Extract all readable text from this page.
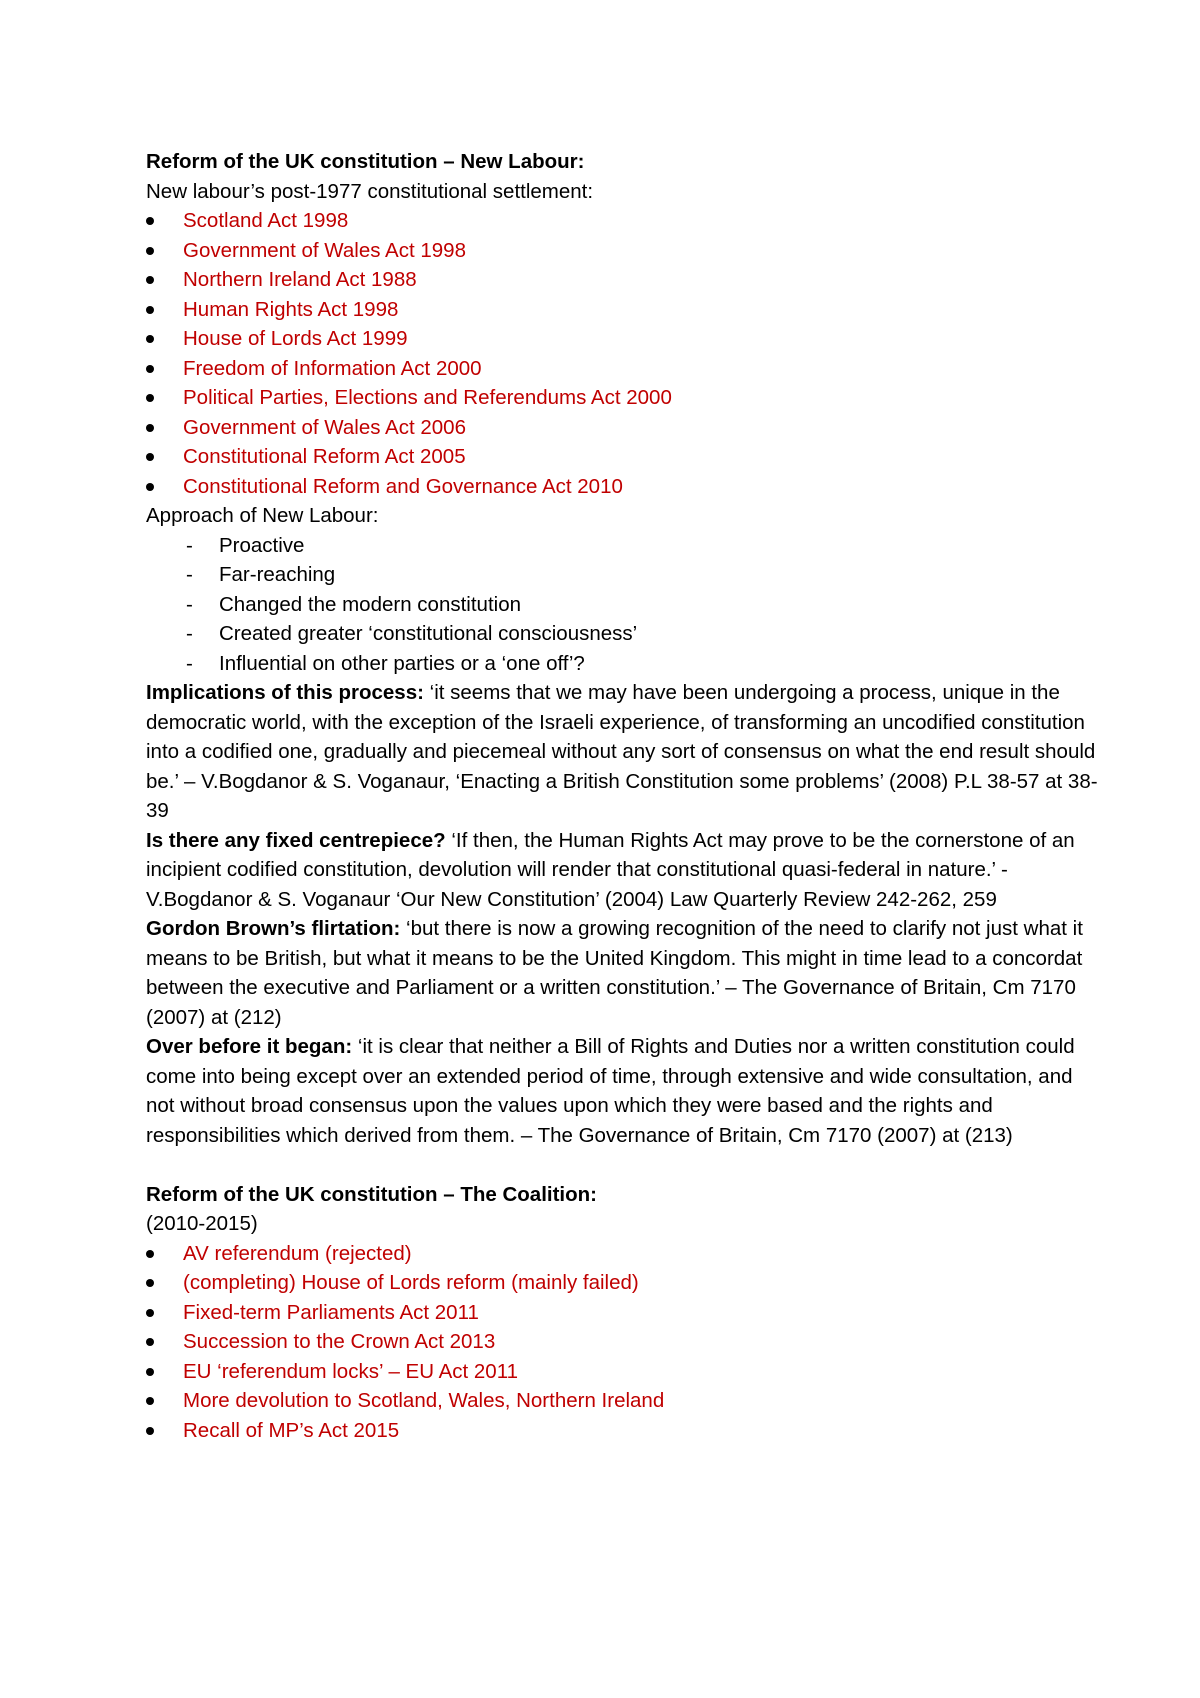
Reform of the UK constitution – New Labour:
New labour’s post-1977 constitutional settlement:
Scotland Act 1998
Government of Wales Act 1998
Northern Ireland Act 1988
Human Rights Act 1998
House of Lords Act 1999
Freedom of Information Act 2000
Political Parties, Elections and Referendums Act 2000
Government of Wales Act 2006
Constitutional Reform Act 2005
Constitutional Reform and Governance Act 2010
Approach of New Labour:
- Proactive
- Far-reaching
- Changed the modern constitution
- Created greater ‘constitutional consciousness’
- Influential on other parties or a ‘one off’?
Implications of this process: ‘it seems that we may have been undergoing a process, unique in the democratic world, with the exception of the Israeli experience, of transforming an uncodified constitution into a codified one, gradually and piecemeal without any sort of consensus on what the end result should be.’ – V.Bogdanor & S. Voganaur, ‘Enacting a British Constitution some problems’ (2008) P.L 38-57 at 38-39
Is there any fixed centrepiece? ‘If then, the Human Rights Act may prove to be the cornerstone of an incipient codified constitution, devolution will render that constitutional quasi-federal in nature.’ - V.Bogdanor & S. Voganaur ‘Our New Constitution’ (2004) Law Quarterly Review 242-262, 259
Gordon Brown’s flirtation: ‘but there is now a growing recognition of the need to clarify not just what it means to be British, but what it means to be the United Kingdom. This might in time lead to a concordat between the executive and Parliament or a written constitution.’ – The Governance of Britain, Cm 7170 (2007) at (212)
Over before it began: ‘it is clear that neither a Bill of Rights and Duties nor a written constitution could come into being except over an extended period of time, through extensive and wide consultation, and not without broad consensus upon the values upon which they were based and the rights and responsibilities which derived from them. – The Governance of Britain, Cm 7170 (2007) at (213)
Reform of the UK constitution – The Coalition:
(2010-2015)
AV referendum (rejected)
(completing) House of Lords reform (mainly failed)
Fixed-term Parliaments Act 2011
Succession to the Crown Act 2013
EU ‘referendum locks’ – EU Act 2011
More devolution to Scotland, Wales, Northern Ireland
Recall of MP’s Act 2015
